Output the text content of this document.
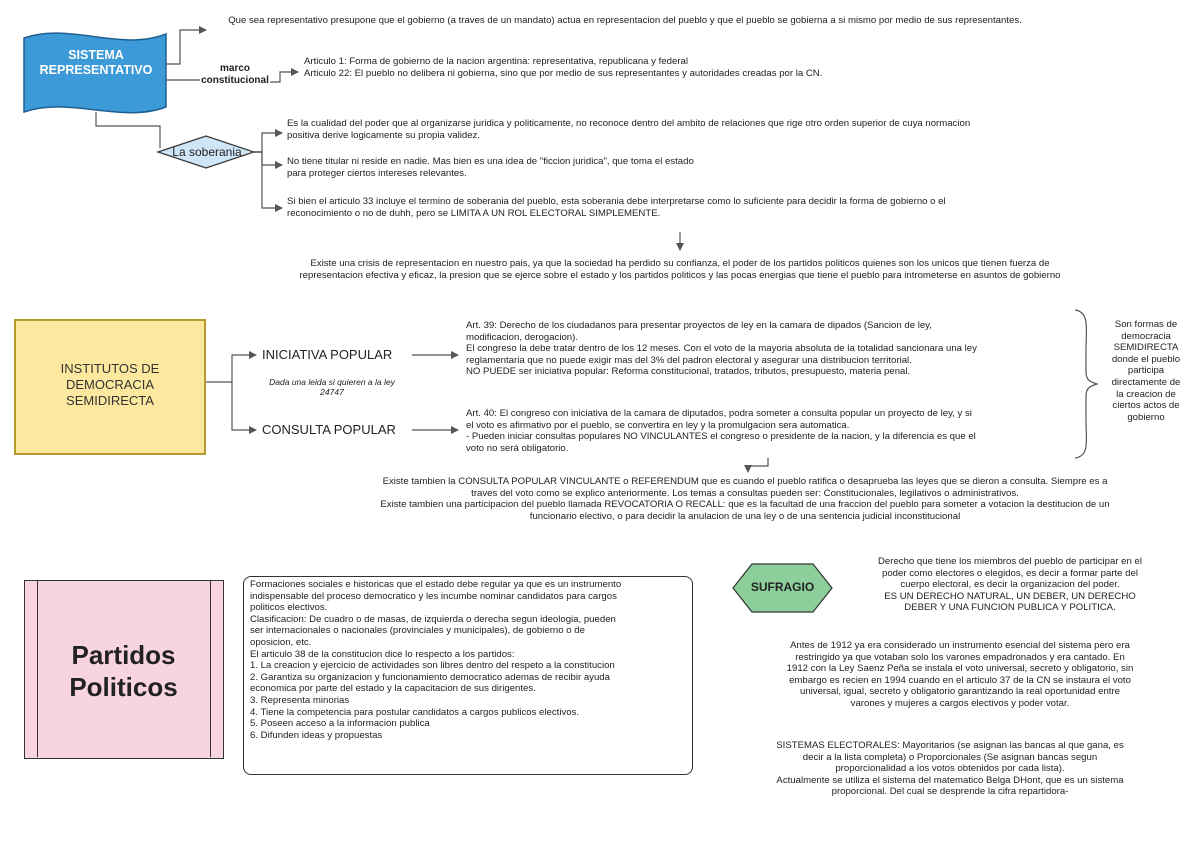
SISTEMA
REPRESENTATIVO
Que sea representativo presupone que el gobierno (a traves de un mandato) actua en representacion del pueblo y que el pueblo se gobierna a si mismo por medio de sus representantes.
marco
constitucional
Articulo 1: Forma de gobierno de la nacion argentina: representativa, republicana y federal
Articulo 22: El pueblo no delibera ni gobierna, sino que por medio de sus representantes y autoridades creadas por la CN.
La soberania
Es la cualidad del poder que al organizarse juridica y politicamente, no reconoce dentro del ambito de relaciones que rige otro orden superior de cuya normacion
positiva derive logicamente su propia validez.
No tiene titular ni reside en nadie. Mas bien es una idea de "ficcion juridica", que toma el estado
para proteger ciertos intereses relevantes.
Si bien el articulo 33 incluye el termino de soberania del pueblo, esta soberania debe interpretarse como lo suficiente para decidir la forma de gobierno o el
reconocimiento o no de duhh, pero se LIMITA A UN ROL ELECTORAL SIMPLEMENTE.
Existe una crisis de representacion en nuestro pais, ya que la sociedad ha perdido su confianza, el poder de los partidos politicos quienes son los unicos que tienen fuerza de
representacion efectiva y eficaz, la presion que se ejerce sobre el estado y los partidos politicos y las pocas energias que tiene el pueblo para intrometerse en asuntos de gobierno
INSTITUTOS DE
DEMOCRACIA
SEMIDIRECTA
INICIATIVA POPULAR
CONSULTA POPULAR
Dada una leida si quieren a la ley
24747
Art. 39: Derecho de los ciudadanos para presentar proyectos de ley en la camara de dipados (Sancion de ley,
modificacion, derogacion).
El congreso la debe tratar dentro de los 12 meses. Con el voto de la mayoria absoluta de la totalidad sancionara una ley
reglamentaria que no puede exigir mas del 3% del padron electoral y asegurar una distribucion territorial.
NO PUEDE ser iniciativa popular: Reforma constitucional, tratados, tributos, presupuesto, materia penal.
Art. 40: El congreso con iniciativa de la camara de diputados, podra someter a consulta popular un proyecto de ley, y si
el voto es afirmativo por el pueblo, se convertira en ley y la promulgacion sera automatica.
- Pueden iniciar consultas populares NO VINCULANTES el congreso o presidente de la nacion, y la diferencia es que el
voto no será obligatorio.
Son formas de
democracia
SEMIDIRECTA
donde el pueblo
participa
directamente de
la creacion de
ciertos actos de
gobierno
Existe tambien la CONSULTA POPULAR VINCULANTE o REFERENDUM que es cuando el pueblo ratifica o desaprueba las leyes que se dieron a consulta. Siempre es a
traves del voto como se explico anteriormente. Los temas a consultas pueden ser: Constitucionales, legilativos o administrativos.
Existe tambien una participacion del pueblo llamada REVOCATORIA O RECALL: que es la facultad de una fraccion del pueblo para someter a votacion la destitucion de un
funcionario electivo, o para decidir la anulacion de una ley o de una sentencia judicial inconstitucional
Partidos
Politicos
Formaciones sociales e historicas que el estado debe regular ya que es un instrumento
indispensable del proceso democratico y les incumbe nominar candidatos para cargos
politicos electivos.
Clasificacion: De cuadro o de masas, de izquierda o derecha segun ideologia, pueden
ser internacionales o nacionales (provinciales y municipales), de gobierno o de
oposicion, etc.
El articulo 38 de la constitucion dice lo respecto a los partidos:
1. La creacion y ejercicio de actividades son libres dentro del respeto a la constitucion
2. Garantiza su organizacion y funcionamiento democratico ademas de recibir ayuda
economica por parte del estado y la capacitacion de sus dirigentes.
3. Representa minorias
4. Tiene la competencia para postular candidatos a cargos publicos electivos.
5. Poseen acceso a la informacion publica
6. Difunden ideas y propuestas
SUFRAGIO
Derecho que tiene los miembros del pueblo de participar en el
poder como electores o elegidos, es decir a formar parte del
cuerpo electoral, es decir la organizacion del poder.
ES UN DERECHO NATURAL, UN DEBER, UN DERECHO
DEBER Y UNA FUNCION PUBLICA Y POLITICA.
Antes de 1912 ya era considerado un instrumento esencial del sistema pero era
restringido ya que votaban solo los varones empadronados y era cantado. En
1912 con la Ley Saenz Peña se instala el voto universal, secreto y obligatorio, sin
embargo es recien en 1994 cuando en el articulo 37 de la CN se instaura el voto
universal, igual, secreto y obligatorio garantizando la real oportunidad entre
varones y mujeres a cargos electivos y poder votar.
SISTEMAS ELECTORALES: Mayoritarios (se asignan las bancas al que gana, es
decir a la lista completa) o Proporcionales (Se asignan bancas segun
proporcionalidad a los votos obtenidos por cada lista).
Actualmente se utiliza el sistema del matematico Belga DHont, que es un sistema
proporcional. Del cual se desprende la cifra repartidora-
